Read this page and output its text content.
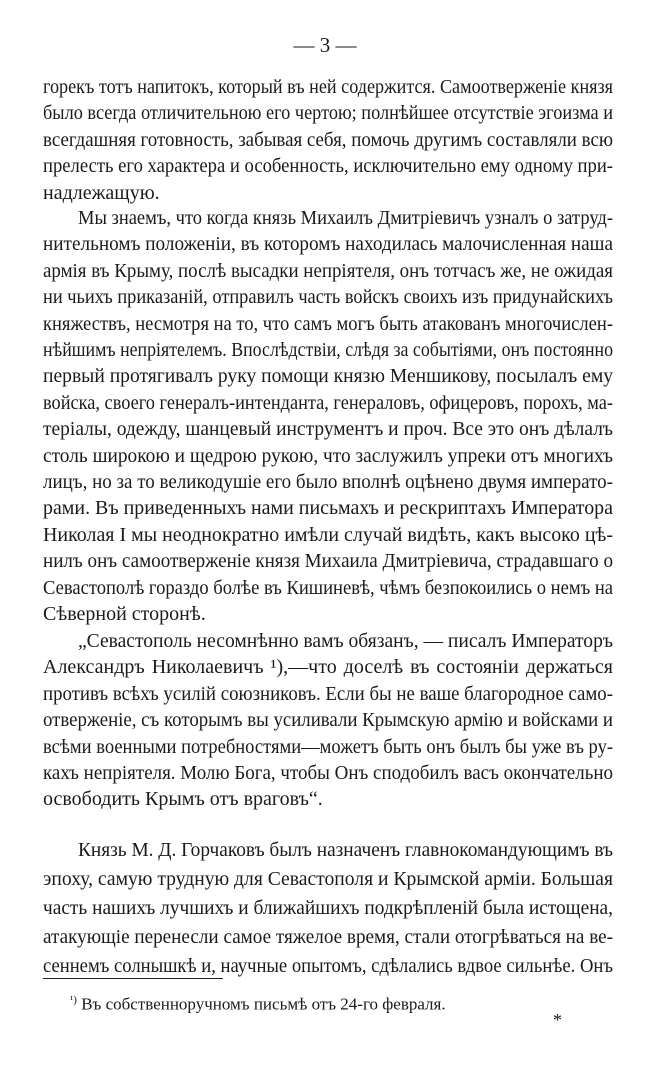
— 3 —
горекъ тотъ напитокъ, который въ ней содержится. Самоотверженіе князя
было всегда отличительною его чертою; полнѣйшее отсутствіе эгоизма и
всегдашняя готовность, забывая себя, помочь другимъ составляли всю
прелесть его характера и особенность, исключительно ему одному при-
надлежащую.
Мы знаемъ, что когда князь Михаилъ Дмитріевичъ узналъ о затруд-
нительномъ положеніи, въ которомъ находилась малочисленная наша
армія въ Крыму, послѣ высадки непріятеля, онъ тотчасъ же, не ожидая
ни чьихъ приказаній, отправилъ часть войскъ своихъ изъ придунайскихъ
княжествъ, несмотря на то, что самъ могъ быть атакованъ многочислен-
нѣйшимъ непріятелемъ. Впослѣдствіи, слѣдя за событіями, онъ постоянно
первый протягивалъ руку помощи князю Меншикову, посылалъ ему
войска, своего генералъ-интенданта, генераловъ, офицеровъ, порохъ, ма-
теріалы, одежду, шанцевый инструментъ и проч. Все это онъ дѣлалъ
столь широкою и щедрою рукою, что заслужилъ упреки отъ многихъ
лицъ, но за то великодушіе его было вполнѣ оцѣнено двумя императо-
рами. Въ приведенныхъ нами письмахъ и рескриптахъ Императора
Николая I мы неоднократно имѣли случай видѣть, какъ высоко цѣ-
нилъ онъ самоотверженіе князя Михаила Дмитріевича, страдавшаго о
Севастополѣ гораздо болѣе въ Кишиневѣ, чѣмъ безпокоились о немъ на
Сѣверной сторонѣ.
„Севастополь несомнѣнно вамъ обязанъ, — писалъ Императоръ
Александръ Николаевичъ ¹),—что доселѣ въ состояніи держаться
противъ всѣхъ усилій союзниковъ. Если бы не ваше благородное само-
отверженіе, съ которымъ вы усиливали Крымскую армію и войсками и
всѣми военными потребностями—можетъ быть онъ былъ бы уже въ ру-
кахъ непріятеля. Молю Бога, чтобы Онъ сподобилъ васъ окончательно
освободить Крымъ отъ враговъ“.
Князь М. Д. Горчаковъ былъ назначенъ главнокомандующимъ въ
эпоху, самую трудную для Севастополя и Крымской арміи. Большая
часть нашихъ лучшихъ и ближайшихъ подкрѣпленій была истощена,
атакующіе перенесли самое тяжелое время, стали отогрѣваться на ве-
сеннемъ солнышкѣ и, научные опытомъ, сдѣлались вдвое сильнѣе. Онъ
$^{^1)}$ Въ собственноручномъ письмѣ отъ 24-го февраля.
*
